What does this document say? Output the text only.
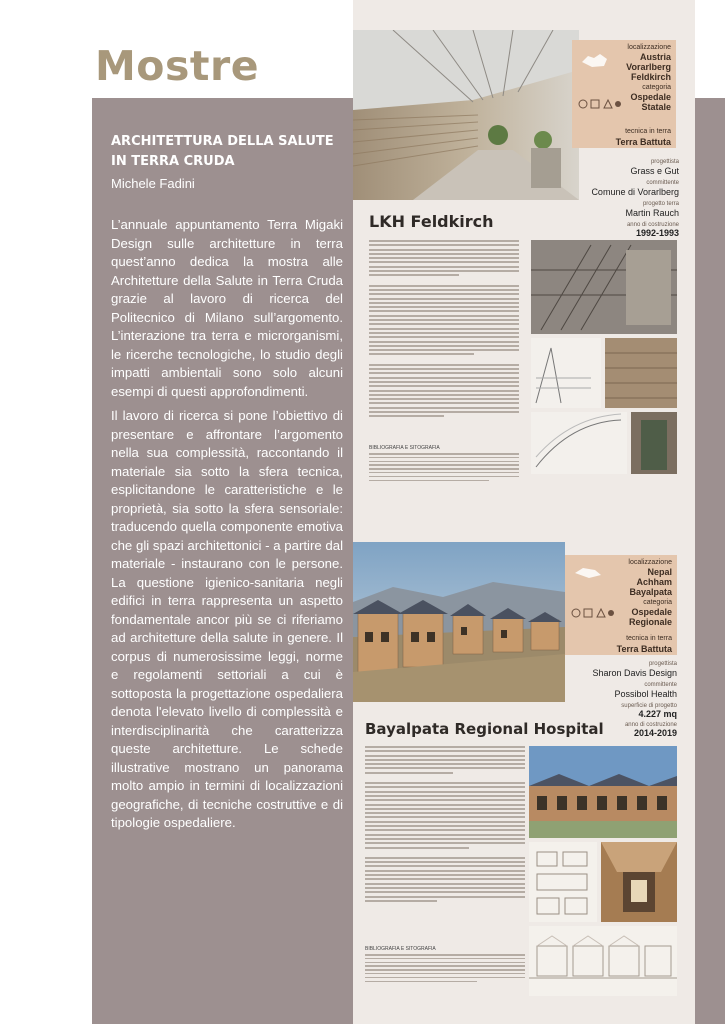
Mostre
ARCHITETTURA DELLA SALUTE IN TERRA CRUDA
Michele Fadini

L’annuale appuntamento Terra Migaki Design sulle architetture in terra quest’anno dedica la mostra alle Architetture della Salute in Terra Cruda grazie al lavoro di ricerca del Politecnico di Milano sull’argomento. L’interazione tra terra e microrganismi, le ricerche tecnologiche, lo studio degli impatti ambientali sono solo alcuni esempi di questi approfondimenti.

Il lavoro di ricerca si pone l’obiettivo di presentare e affrontare l’argomento nella sua complessità, raccontando il materiale sia sotto la sfera tecnica, esplicitandone le caratteristiche e le proprietà, sia sotto la sfera sensoriale: traducendo quella componente emotiva che gli spazi architettonici - a partire dal materiale - instaurano con le persone. La questione igienico-sanitaria negli edifici in terra rappresenta un aspetto fondamentale ancor più se ci riferiamo ad architetture della salute in genere. Il corpus di numerosissime leggi, norme e regolamenti settoriali a cui è sottoposta la progettazione ospedaliera denota l'elevato livello di complessità e interdisciplinarità che caratterizza queste architetture. Le schede illustrative mostrano un panorama molto ampio in termini di localizzazioni geografiche, di tecniche costruttive e di tipologie ospedaliere.

localizzazione
Austria
Vorarlberg
Feldkirch
categoria
Ospedale Statale
tecnica in terra
Terra Battuta
progettista
Grass e Gut
committente
Comune di Vorarlberg
progetto terra
Martin Rauch
anno di costruzione
1992-1993
LKH Feldkirch
BIBLIOGRAFIA E SITOGRAFIA
localizzazione
Nepal
Achham
Bayalpata
categoria
Ospedale Regionale
tecnica in terra
Terra Battuta
progettista
Sharon Davis Design
committente
Possibol Health
superficie di progetto
4.227 mq
anno di costruzione
2014-2019
Bayalpata Regional Hospital
BIBLIOGRAFIA E SITOGRAFIA
